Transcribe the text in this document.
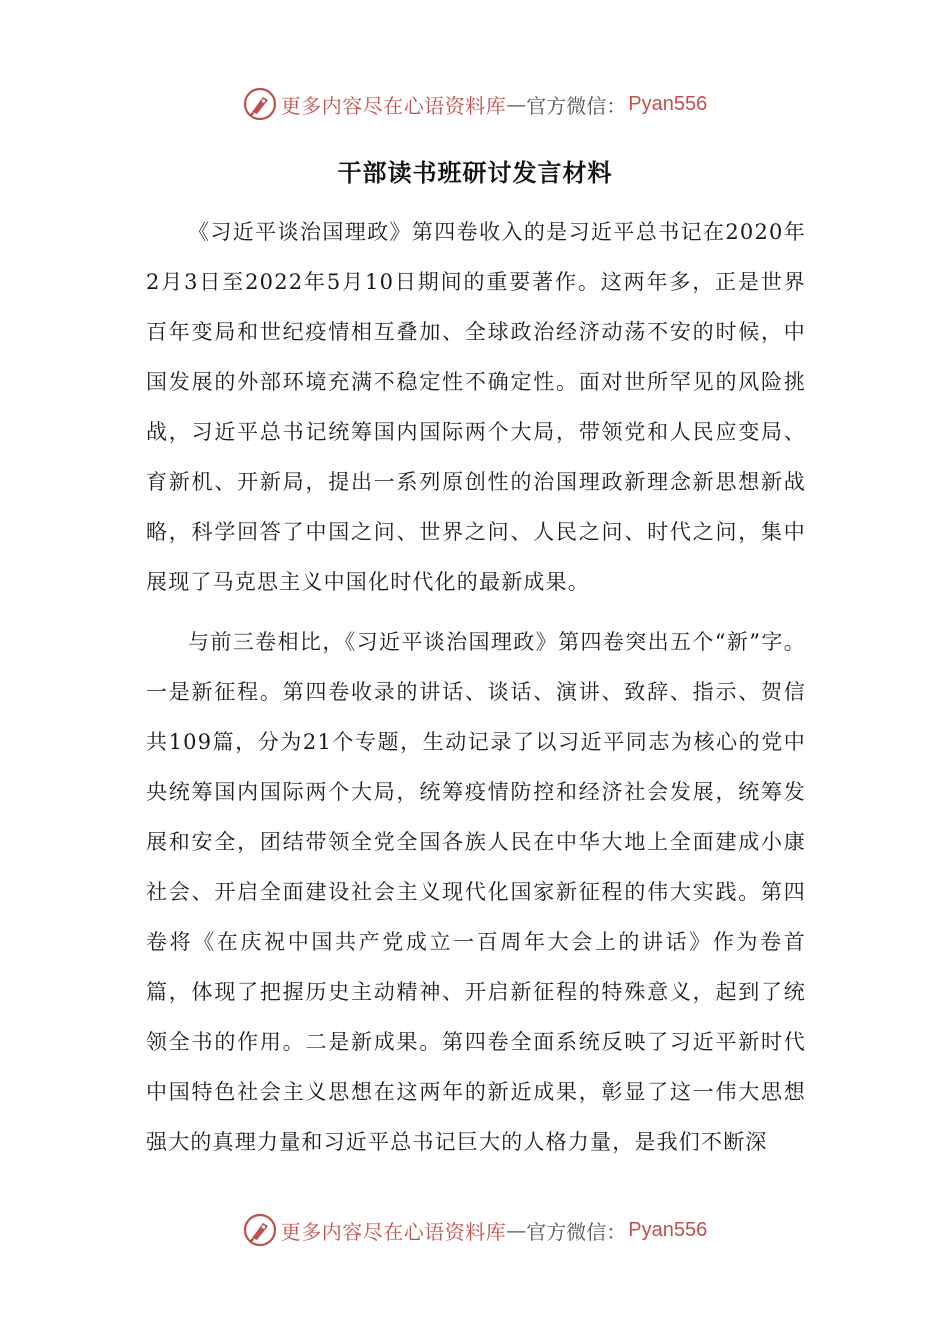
更多内容尽在心语资料库 — 官方微信： Pyan556
干部读书班研讨发言材料

《习近平谈治国理政》第四卷收入的是习近平总书记在2020年2月3日至2022年5月10日期间的重要著作。这两年多，正是世界百年变局和世纪疫情相互叠加、全球政治经济动荡不安的时候，中国发展的外部环境充满不稳定性不确定性。面对世所罕见的风险挑战，习近平总书记统筹国内国际两个大局，带领党和人民应变局、育新机、开新局，提出一系列原创性的治国理政新理念新思想新战略，科学回答了中国之问、世界之问、人民之问、时代之问，集中展现了马克思主义中国化时代化的最新成果。

与前三卷相比，《习近平谈治国理政》第四卷突出五个“新”字。一是新征程。第四卷收录的讲话、谈话、演讲、致辞、指示、贺信共109篇，分为21个专题，生动记录了以习近平同志为核心的党中央统筹国内国际两个大局，统筹疫情防控和经济社会发展，统筹发展和安全，团结带领全党全国各族人民在中华大地上全面建成小康社会、开启全面建设社会主义现代化国家新征程的伟大实践。第四卷将《在庆祝中国共产党成立一百周年大会上的讲话》作为卷首篇，体现了把握历史主动精神、开启新征程的特殊意义，起到了统领全书的作用。二是新成果。第四卷全面系统反映了习近平新时代中国特色社会主义思想在这两年的新近成果，彰显了这一伟大思想强大的真理力量和习近平总书记巨大的人格力量，是我们不断深

更多内容尽在心语资料库 — 官方微信： Pyan556
